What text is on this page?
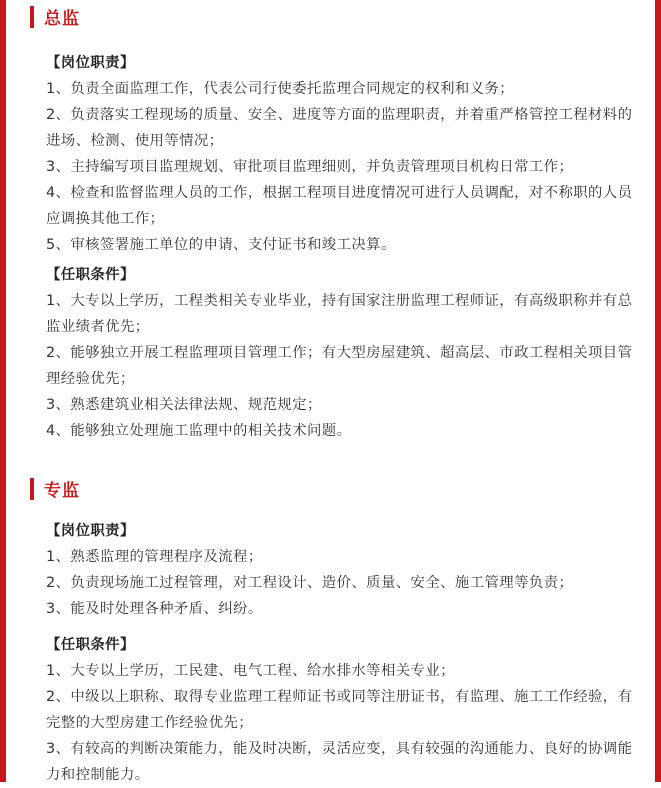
总监
【岗位职责】
1、负责全面监理工作，代表公司行使委托监理合同规定的权利和义务；
2、负责落实工程现场的质量、安全、进度等方面的监理职责，并着重严格管控工程材料的进场、检测、使用等情况；
3、主持编写项目监理规划、审批项目监理细则，并负责管理项目机构日常工作；
4、检查和监督监理人员的工作，根据工程项目进度情况可进行人员调配，对不称职的人员应调换其他工作；
5、审核签署施工单位的申请、支付证书和竣工决算。
【任职条件】
1、大专以上学历，工程类相关专业毕业，持有国家注册监理工程师证，有高级职称并有总监业绩者优先；
2、能够独立开展工程监理项目管理工作；有大型房屋建筑、超高层、市政工程相关项目管理经验优先；
3、熟悉建筑业相关法律法规、规范规定；
4、能够独立处理施工监理中的相关技术问题。
专监
【岗位职责】
1、熟悉监理的管理程序及流程；
2、负责现场施工过程管理，对工程设计、造价、质量、安全、施工管理等负责；
3、能及时处理各种矛盾、纠纷。
【任职条件】
1、大专以上学历，工民建、电气工程、给水排水等相关专业；
2、中级以上职称、取得专业监理工程师证书或同等注册证书，有监理、施工工作经验，有完整的大型房建工作经验优先；
3、有较高的判断决策能力，能及时决断，灵活应变，具有较强的沟通能力、良好的协调能力和控制能力。
